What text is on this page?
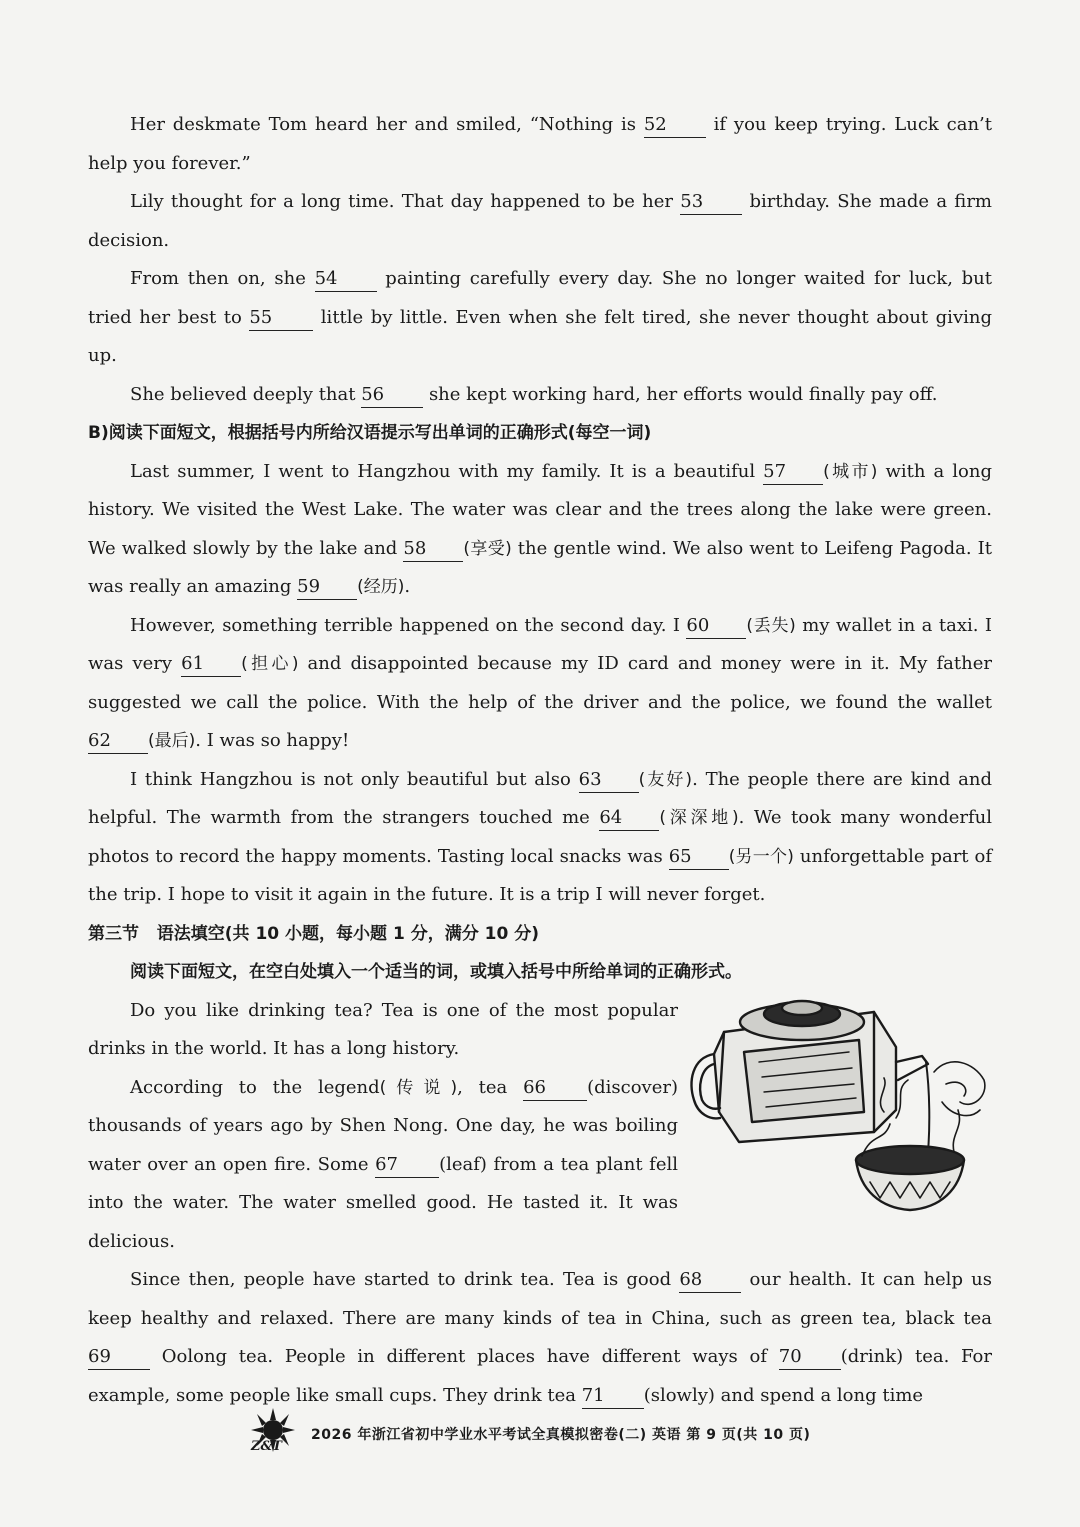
Her deskmate Tom heard her and smiled, “Nothing is 52 if you keep trying. Luck can’t help you forever.”

Lily thought for a long time. That day happened to be her 53 birthday. She made a firm decision.

From then on, she 54 painting carefully every day. She no longer waited for luck, but tried her best to 55 little by little. Even when she felt tired, she never thought about giving up.

She believed deeply that 56 she kept working hard, her efforts would finally pay off.

B)阅读下面短文，根据括号内所给汉语提示写出单词的正确形式(每空一词)

Last summer, I went to Hangzhou with my family. It is a beautiful 57 (城市) with a long history. We visited the West Lake. The water was clear and the trees along the lake were green. We walked slowly by the lake and 58 (享受) the gentle wind. We also went to Leifeng Pagoda. It was really an amazing 59 (经历).

However, something terrible happened on the second day. I 60 (丢失) my wallet in a taxi. I was very 61 (担心) and disappointed because my ID card and money were in it. My father suggested we call the police. With the help of the driver and the police, we found the wallet 62 (最后). I was so happy!

I think Hangzhou is not only beautiful but also 63 (友好). The people there are kind and helpful. The warmth from the strangers touched me 64 (深深地). We took many wonderful photos to record the happy moments. Tasting local snacks was 65 (另一个) unforgettable part of the trip. I hope to visit it again in the future. It is a trip I will never forget.

第三节 语法填空(共 10 小题，每小题 1 分，满分 10 分)

阅读下面短文，在空白处填入一个适当的词，或填入括号中所给单词的正确形式。

Do you like drinking tea? Tea is one of the most popular drinks in the world. It has a long history.

According to the legend(传说), tea 66 (discover) thousands of years ago by Shen Nong. One day, he was boiling water over an open fire. Some 67 (leaf) from a tea plant fell into the water. The water smelled good. He tasted it. It was delicious.

Since then, people have started to drink tea. Tea is good 68 our health. It can help us keep healthy and relaxed. There are many kinds of tea in China, such as green tea, black tea 69 Oolong tea. People in different places have different ways of 70 (drink) tea. For example, some people like small cups. They drink tea 71 (slowly) and spend a long time

Z&T
2026 年浙江省初中学业水平考试全真模拟密卷(二) 英语 第 9 页(共 10 页)
